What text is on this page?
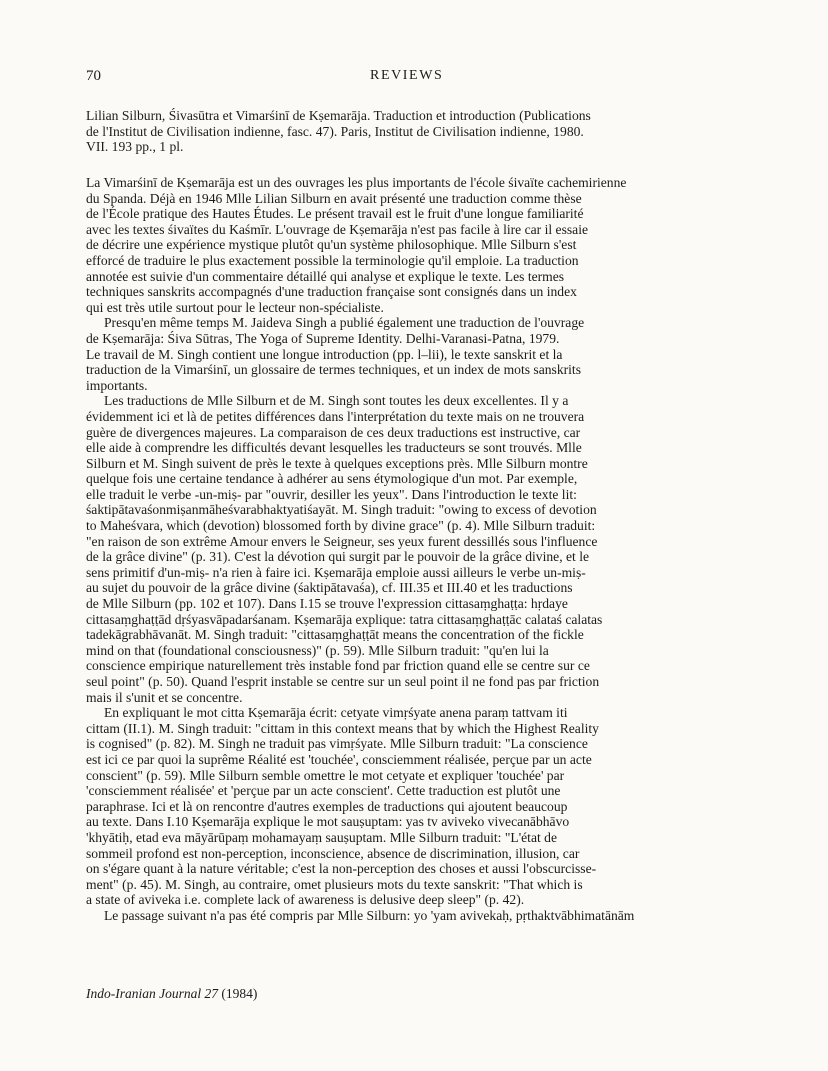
70	REVIEWS
Lilian Silburn, Śivasūtra et Vimarśinī de Kṣemarāja. Traduction et introduction (Publications
de l'Institut de Civilisation indienne, fasc. 47). Paris, Institut de Civilisation indienne, 1980.
VII. 193 pp., 1 pl.
La Vimarśinī de Kṣemarāja est un des ouvrages les plus importants de l'école śivaïte cachemirienne
du Spanda. Déjà en 1946 Mlle Lilian Silburn en avait présenté une traduction comme thèse
de l'École pratique des Hautes Études. Le présent travail est le fruit d'une longue familiarité
avec les textes śivaïtes du Kaśmīr. L'ouvrage de Kṣemarāja n'est pas facile à lire car il essaie
de décrire une expérience mystique plutôt qu'un système philosophique. Mlle Silburn s'est
efforcé de traduire le plus exactement possible la terminologie qu'il emploie. La traduction
annotée est suivie d'un commentaire détaillé qui analyse et explique le texte. Les termes
techniques sanskrits accompagnés d'une traduction française sont consignés dans un index
qui est très utile surtout pour le lecteur non-spécialiste.
Presqu'en même temps M. Jaideva Singh a publié également une traduction de l'ouvrage
de Kṣemarāja: Śiva Sūtras, The Yoga of Supreme Identity. Delhi-Varanasi-Patna, 1979.
Le travail de M. Singh contient une longue introduction (pp. l–lii), le texte sanskrit et la
traduction de la Vimarśinī, un glossaire de termes techniques, et un index de mots sanskrits
importants.
Les traductions de Mlle Silburn et de M. Singh sont toutes les deux excellentes. Il y a
évidemment ici et là de petites différences dans l'interprétation du texte mais on ne trouvera
guère de divergences majeures. La comparaison de ces deux traductions est instructive, car
elle aide à comprendre les difficultés devant lesquelles les traducteurs se sont trouvés. Mlle
Silburn et M. Singh suivent de près le texte à quelques exceptions près. Mlle Silburn montre
quelque fois une certaine tendance à adhérer au sens étymologique d'un mot. Par exemple,
elle traduit le verbe -un-miṣ- par "ouvrir, desiller les yeux". Dans l'introduction le texte lit:
śaktipātavaśonmiṣanmāheśvarabhaktyatiśayāt. M. Singh traduit: "owing to excess of devotion
to Maheśvara, which (devotion) blossomed forth by divine grace" (p. 4). Mlle Silburn traduit:
"en raison de son extrême Amour envers le Seigneur, ses yeux furent dessillés sous l'influence
de la grâce divine" (p. 31). C'est la dévotion qui surgit par le pouvoir de la grâce divine, et le
sens primitif d'un-miṣ- n'a rien à faire ici. Kṣemarāja emploie aussi ailleurs le verbe un-miṣ-
au sujet du pouvoir de la grâce divine (śaktipātavaśa), cf. III.35 et III.40 et les traductions
de Mlle Silburn (pp. 102 et 107). Dans I.15 se trouve l'expression cittasaṃghaṭṭa: hṛdaye
cittasaṃghaṭṭād dṛśyasvāpadarśanam. Kṣemarāja explique: tatra cittasaṃghaṭṭāc calataś calatas
tadekāgrabhāvanāt. M. Singh traduit: "cittasaṃghaṭṭāt means the concentration of the fickle
mind on that (foundational consciousness)" (p. 59). Mlle Silburn traduit: "qu'en lui la
conscience empirique naturellement très instable fond par friction quand elle se centre sur ce
seul point" (p. 50). Quand l'esprit instable se centre sur un seul point il ne fond pas par friction
mais il s'unit et se concentre.
En expliquant le mot citta Kṣemarāja écrit: cetyate vimṛśyate anena paraṃ tattvam iti
cittam (II.1). M. Singh traduit: "cittam in this context means that by which the Highest Reality
is cognised" (p. 82). M. Singh ne traduit pas vimṛśyate. Mlle Silburn traduit: "La conscience
est ici ce par quoi la suprême Réalité est 'touchée', consciemment réalisée, perçue par un acte
conscient" (p. 59). Mlle Silburn semble omettre le mot cetyate et expliquer 'touchée' par
'consciemment réalisée' et 'perçue par un acte conscient'. Cette traduction est plutôt une
paraphrase. Ici et là on rencontre d'autres exemples de traductions qui ajoutent beaucoup
au texte. Dans I.10 Kṣemarāja explique le mot sauṣuptam: yas tv aviveko vivecanābhāvo
'khyātiḥ, etad eva māyārūpaṃ mohamayaṃ sauṣuptam. Mlle Silburn traduit: "L'état de
sommeil profond est non-perception, inconscience, absence de discrimination, illusion, car
on s'égare quant à la nature véritable; c'est la non-perception des choses et aussi l'obscurcisse-
ment" (p. 45). M. Singh, au contraire, omet plusieurs mots du texte sanskrit: "That which is
a state of aviveka i.e. complete lack of awareness is delusive deep sleep" (p. 42).
Le passage suivant n'a pas été compris par Mlle Silburn: yo 'yam avivekaḥ, pṛthaktvābhimatānām
Indo-Iranian Journal 27 (1984)
